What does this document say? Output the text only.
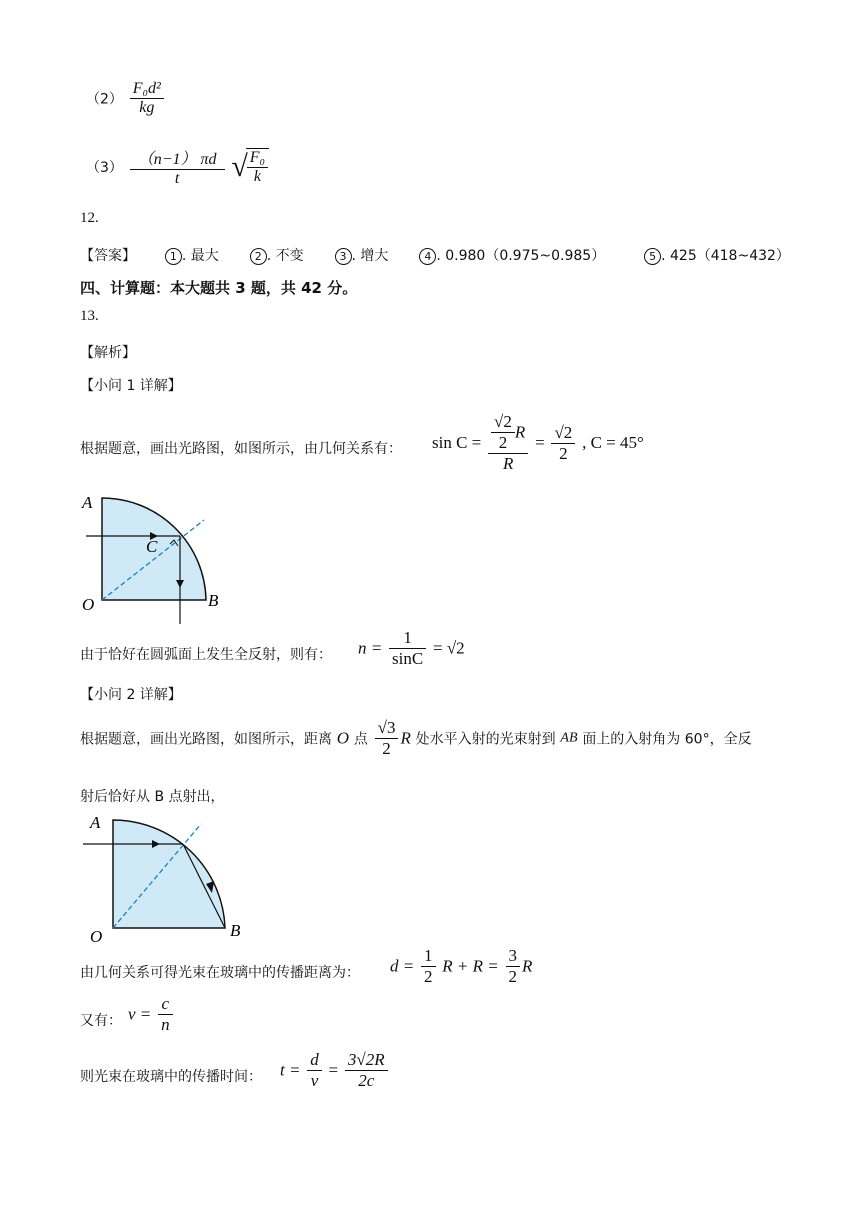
$(2) \frac{\text{F₀d²}}{kg}$
$(3) \frac{(n-1) \pi d}{t}$ √
$\frac{\text{F₀}}{k}$
12.
【答案】	1 . 最大	2 . 不变	3 . 增大	4 . 0.980（0.975~0.985）	5 . 425（418~432）
四、计算题：本大题共 3 题，共 42 分。
13.
【解析】
【小问 1 详解】
根据题意，画出光路图，如图所示，由几何关系有： $\sin C = \frac{\frac{√2}{2} R}{R} = \frac{√2}{2}$ , C = 45°
A
B
O
C
由于恰好在圆弧面上发生全反射，则有： $n = \frac{1}{\sin C} = √2$
【小问 2 详解】
根据题意，画出光路图，如图所示，距离 O 点 $\frac{√3}{2}$ R 处水平入射的光束射到 AB 面上的入射角为 60°，全反
射后恰好从 B 点射出，
A
B
O
由几何关系可得光束在玻璃中的传播距离为： $d = \frac{1}{2}$ $R + R = \frac{3}{2}$ R
又有： $v = \frac{c}{n}$
则光束在玻璃中的传播时间： $t = \frac{d}{v} = \frac{3√2R}{2c}$
